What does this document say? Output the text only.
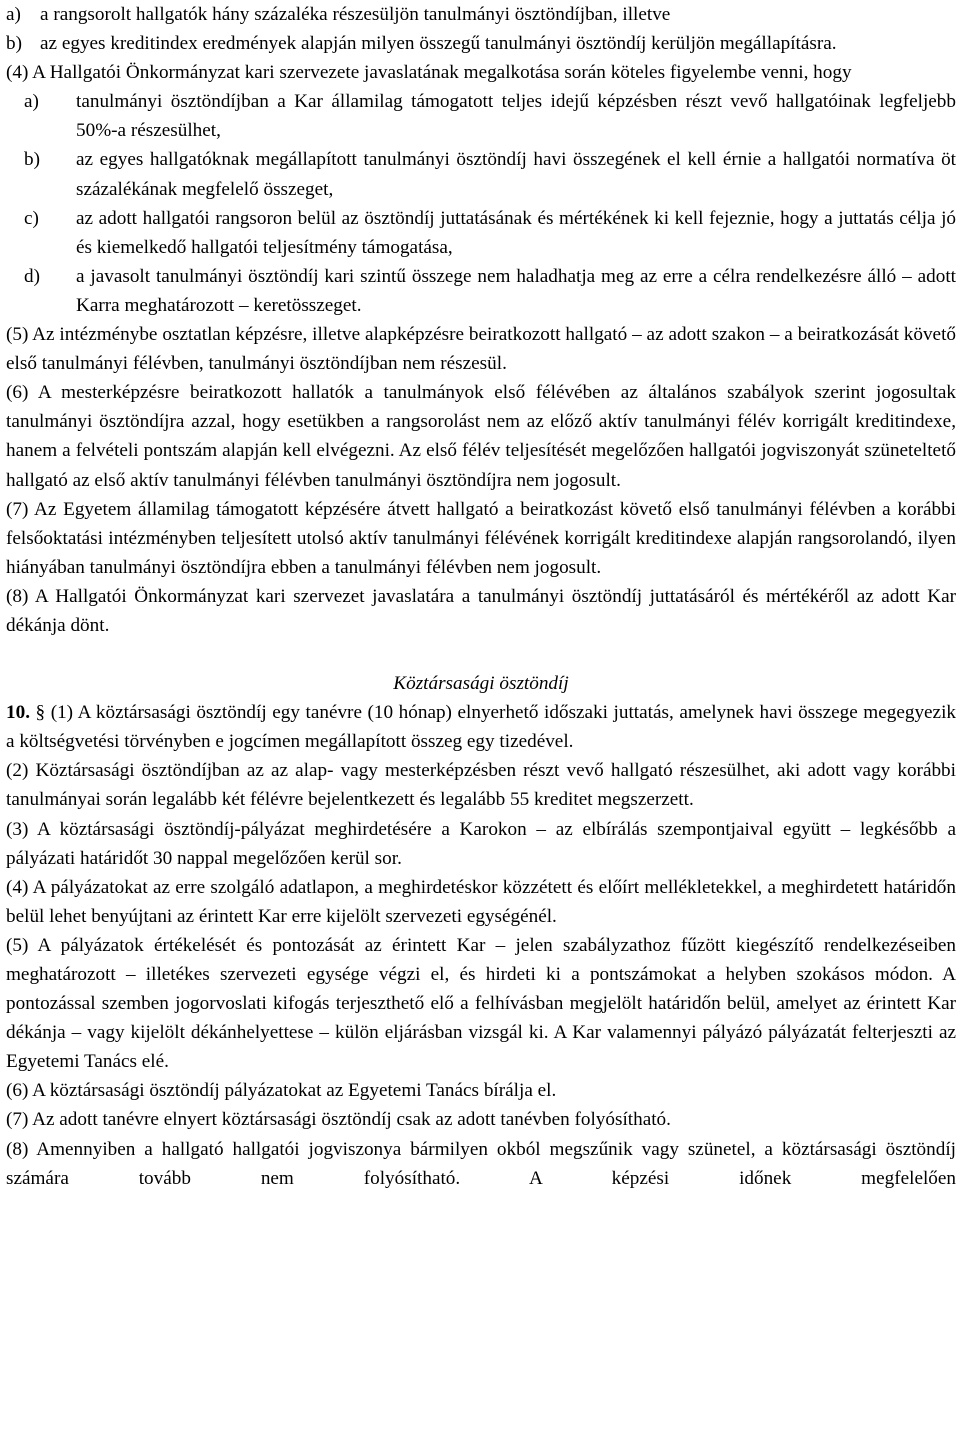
a) a rangsorolt hallgatók hány százaléka részesüljön tanulmányi ösztöndíjban, illetve
b) az egyes kreditindex eredmények alapján milyen összegű tanulmányi ösztöndíj kerüljön megállapításra.

(4) A Hallgatói Önkormányzat kari szervezete javaslatának megalkotása során köteles figyelembe venni, hogy

a)	tanulmányi ösztöndíjban a Kar államilag támogatott teljes idejű képzésben részt vevő hallgatóinak legfeljebb 50%-a részesülhet,
b)	az egyes hallgatóknak megállapított tanulmányi ösztöndíj havi összegének el kell érnie a hallgatói normatíva öt százalékának megfelelő összeget,
c)	az adott hallgatói rangsoron belül az ösztöndíj juttatásának és mértékének ki kell fejeznie, hogy a juttatás célja jó és kiemelkedő hallgatói teljesítmény támogatása,
d)	a javasolt tanulmányi ösztöndíj kari szintű összege nem haladhatja meg az erre a célra rendelkezésre álló – adott Karra meghatározott – keretösszeget.

(5) Az intézménybe osztatlan képzésre, illetve alapképzésre beiratkozott hallgató – az adott szakon – a beiratkozását követő első tanulmányi félévben, tanulmányi ösztöndíjban nem részesül.

(6) A mesterképzésre beiratkozott hallatók a tanulmányok első félévében az általános szabályok szerint jogosultak tanulmányi ösztöndíjra azzal, hogy esetükben a rangsorolást nem az előző aktív tanulmányi félév korrigált kreditindexe, hanem a felvételi pontszám alapján kell elvégezni. Az első félév teljesítését megelőzően hallgatói jogviszonyát szüneteltető hallgató az első aktív tanulmányi félévben tanulmányi ösztöndíjra nem jogosult.

(7) Az Egyetem államilag támogatott képzésére átvett hallgató a beiratkozást követő első tanulmányi félévben a korábbi felsőoktatási intézményben teljesített utolsó aktív tanulmányi félévének korrigált kreditindexe alapján rangsorolandó, ilyen hiányában tanulmányi ösztöndíjra ebben a tanulmányi félévben nem jogosult.

(8) A Hallgatói Önkormányzat kari szervezet javaslatára a tanulmányi ösztöndíj juttatásáról és mértékéről az adott Kar dékánja dönt.

Köztársasági ösztöndíj

10. § (1) A köztársasági ösztöndíj egy tanévre (10 hónap) elnyerhető időszaki juttatás, amelynek havi összege megegyezik a költségvetési törvényben e jogcímen megállapított összeg egy tizedével.

(2) Köztársasági ösztöndíjban az az alap- vagy mesterképzésben részt vevő hallgató részesülhet, aki adott vagy korábbi tanulmányai során legalább két félévre bejelentkezett és legalább 55 kreditet megszerzett.

(3) A köztársasági ösztöndíj-pályázat meghirdetésére a Karokon – az elbírálás szempontjaival együtt – legkésőbb a pályázati határidőt 30 nappal megelőzően kerül sor.

(4) A pályázatokat az erre szolgáló adatlapon, a meghirdetéskor közzétett és előírt mellékletekkel, a meghirdetett határidőn belül lehet benyújtani az érintett Kar erre kijelölt szervezeti egységénél.

(5) A pályázatok értékelését és pontozását az érintett Kar – jelen szabályzathoz fűzött kiegészítő rendelkezéseiben meghatározott – illetékes szervezeti egysége végzi el, és hirdeti ki a pontszámokat a helyben szokásos módon. A pontozással szemben jogorvoslati kifogás terjeszthető elő a felhívásban megjelölt határidőn belül, amelyet az érintett Kar dékánja – vagy kijelölt dékánhelyettese – külön eljárásban vizsgál ki. A Kar valamennyi pályázó pályázatát felterjeszti az Egyetemi Tanács elé.

(6) A köztársasági ösztöndíj pályázatokat az Egyetemi Tanács bírálja el.

(7) Az adott tanévre elnyert köztársasági ösztöndíj csak az adott tanévben folyósítható.

(8) Amennyiben a hallgató hallgatói jogviszonya bármilyen okból megszűnik vagy szünetel, a köztársasági ösztöndíj számára tovább nem folyósítható. A képzési időnek megfelelően
